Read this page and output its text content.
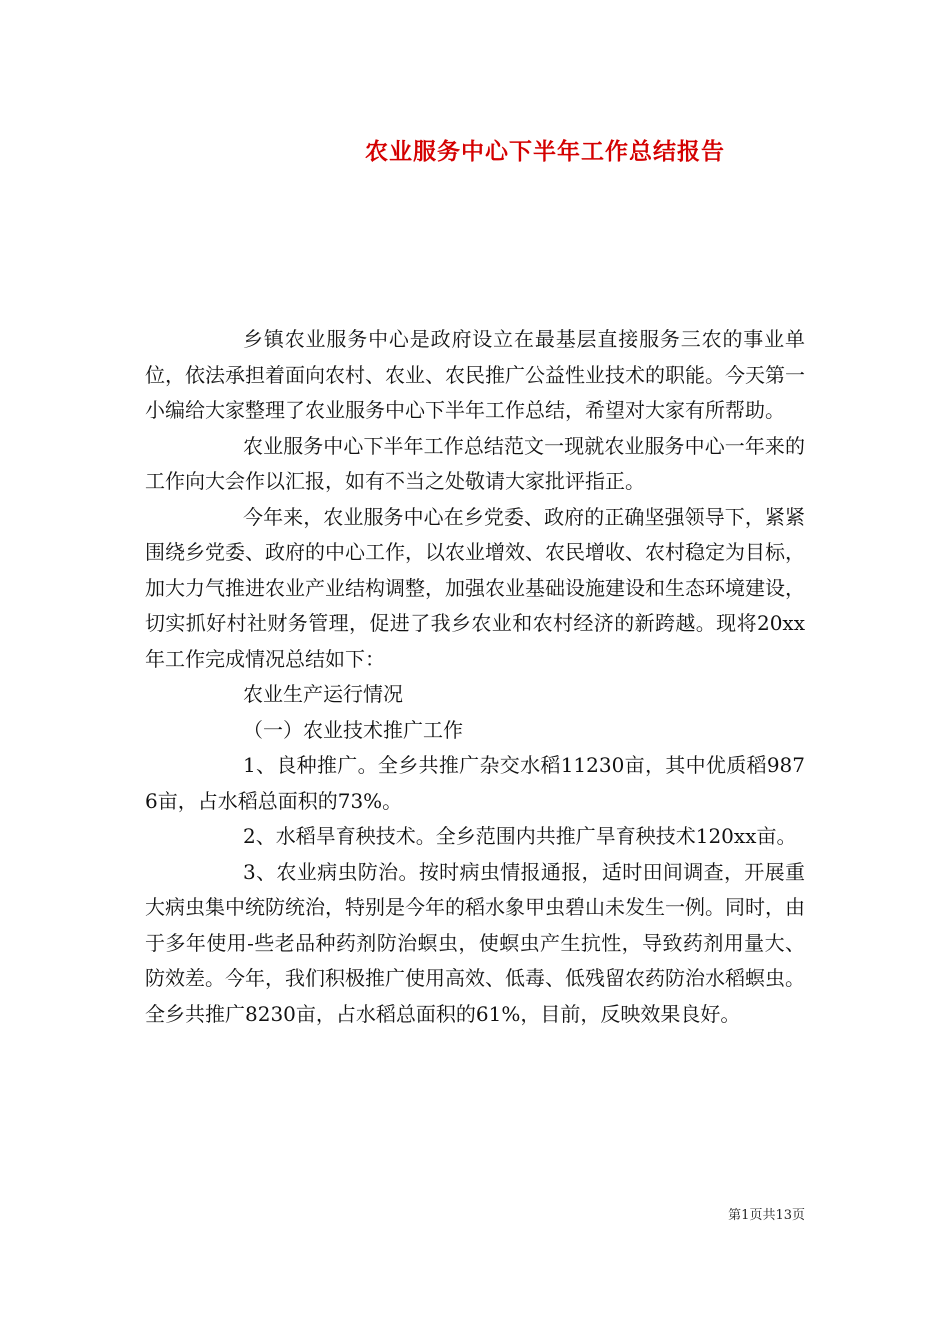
农业服务中心下半年工作总结报告

乡镇农业服务中心是政府设立在最基层直接服务三农的事业单位，依法承担着面向农村、农业、农民推广公益性业技术的职能。今天第一小编给大家整理了农业服务中心下半年工作总结，希望对大家有所帮助。

农业服务中心下半年工作总结范文一现就农业服务中心一年来的工作向大会作以汇报，如有不当之处敬请大家批评指正。

今年来，农业服务中心在乡党委、政府的正确坚强领导下，紧紧围绕乡党委、政府的中心工作，以农业增效、农民增收、农村稳定为目标，加大力气推进农业产业结构调整，加强农业基础设施建设和生态环境建设，切实抓好村社财务管理，促进了我乡农业和农村经济的新跨越。现将20xx年工作完成情况总结如下：

农业生产运行情况

（一）农业技术推广工作

1、良种推广。全乡共推广杂交水稻11230亩，其中优质稻9876亩，占水稻总面积的73%。

2、水稻旱育秧技术。全乡范围内共推广旱育秧技术120xx亩。

3、农业病虫防治。按时病虫情报通报，适时田间调查，开展重大病虫集中统防统治，特别是今年的稻水象甲虫碧山未发生一例。同时，由于多年使用-些老品种药剂防治螟虫，使螟虫产生抗性，导致药剂用量大、防效差。今年，我们积极推广使用高效、低毒、低残留农药防治水稻螟虫。全乡共推广8230亩，占水稻总面积的61%，目前，反映效果良好。

第1页共13页
